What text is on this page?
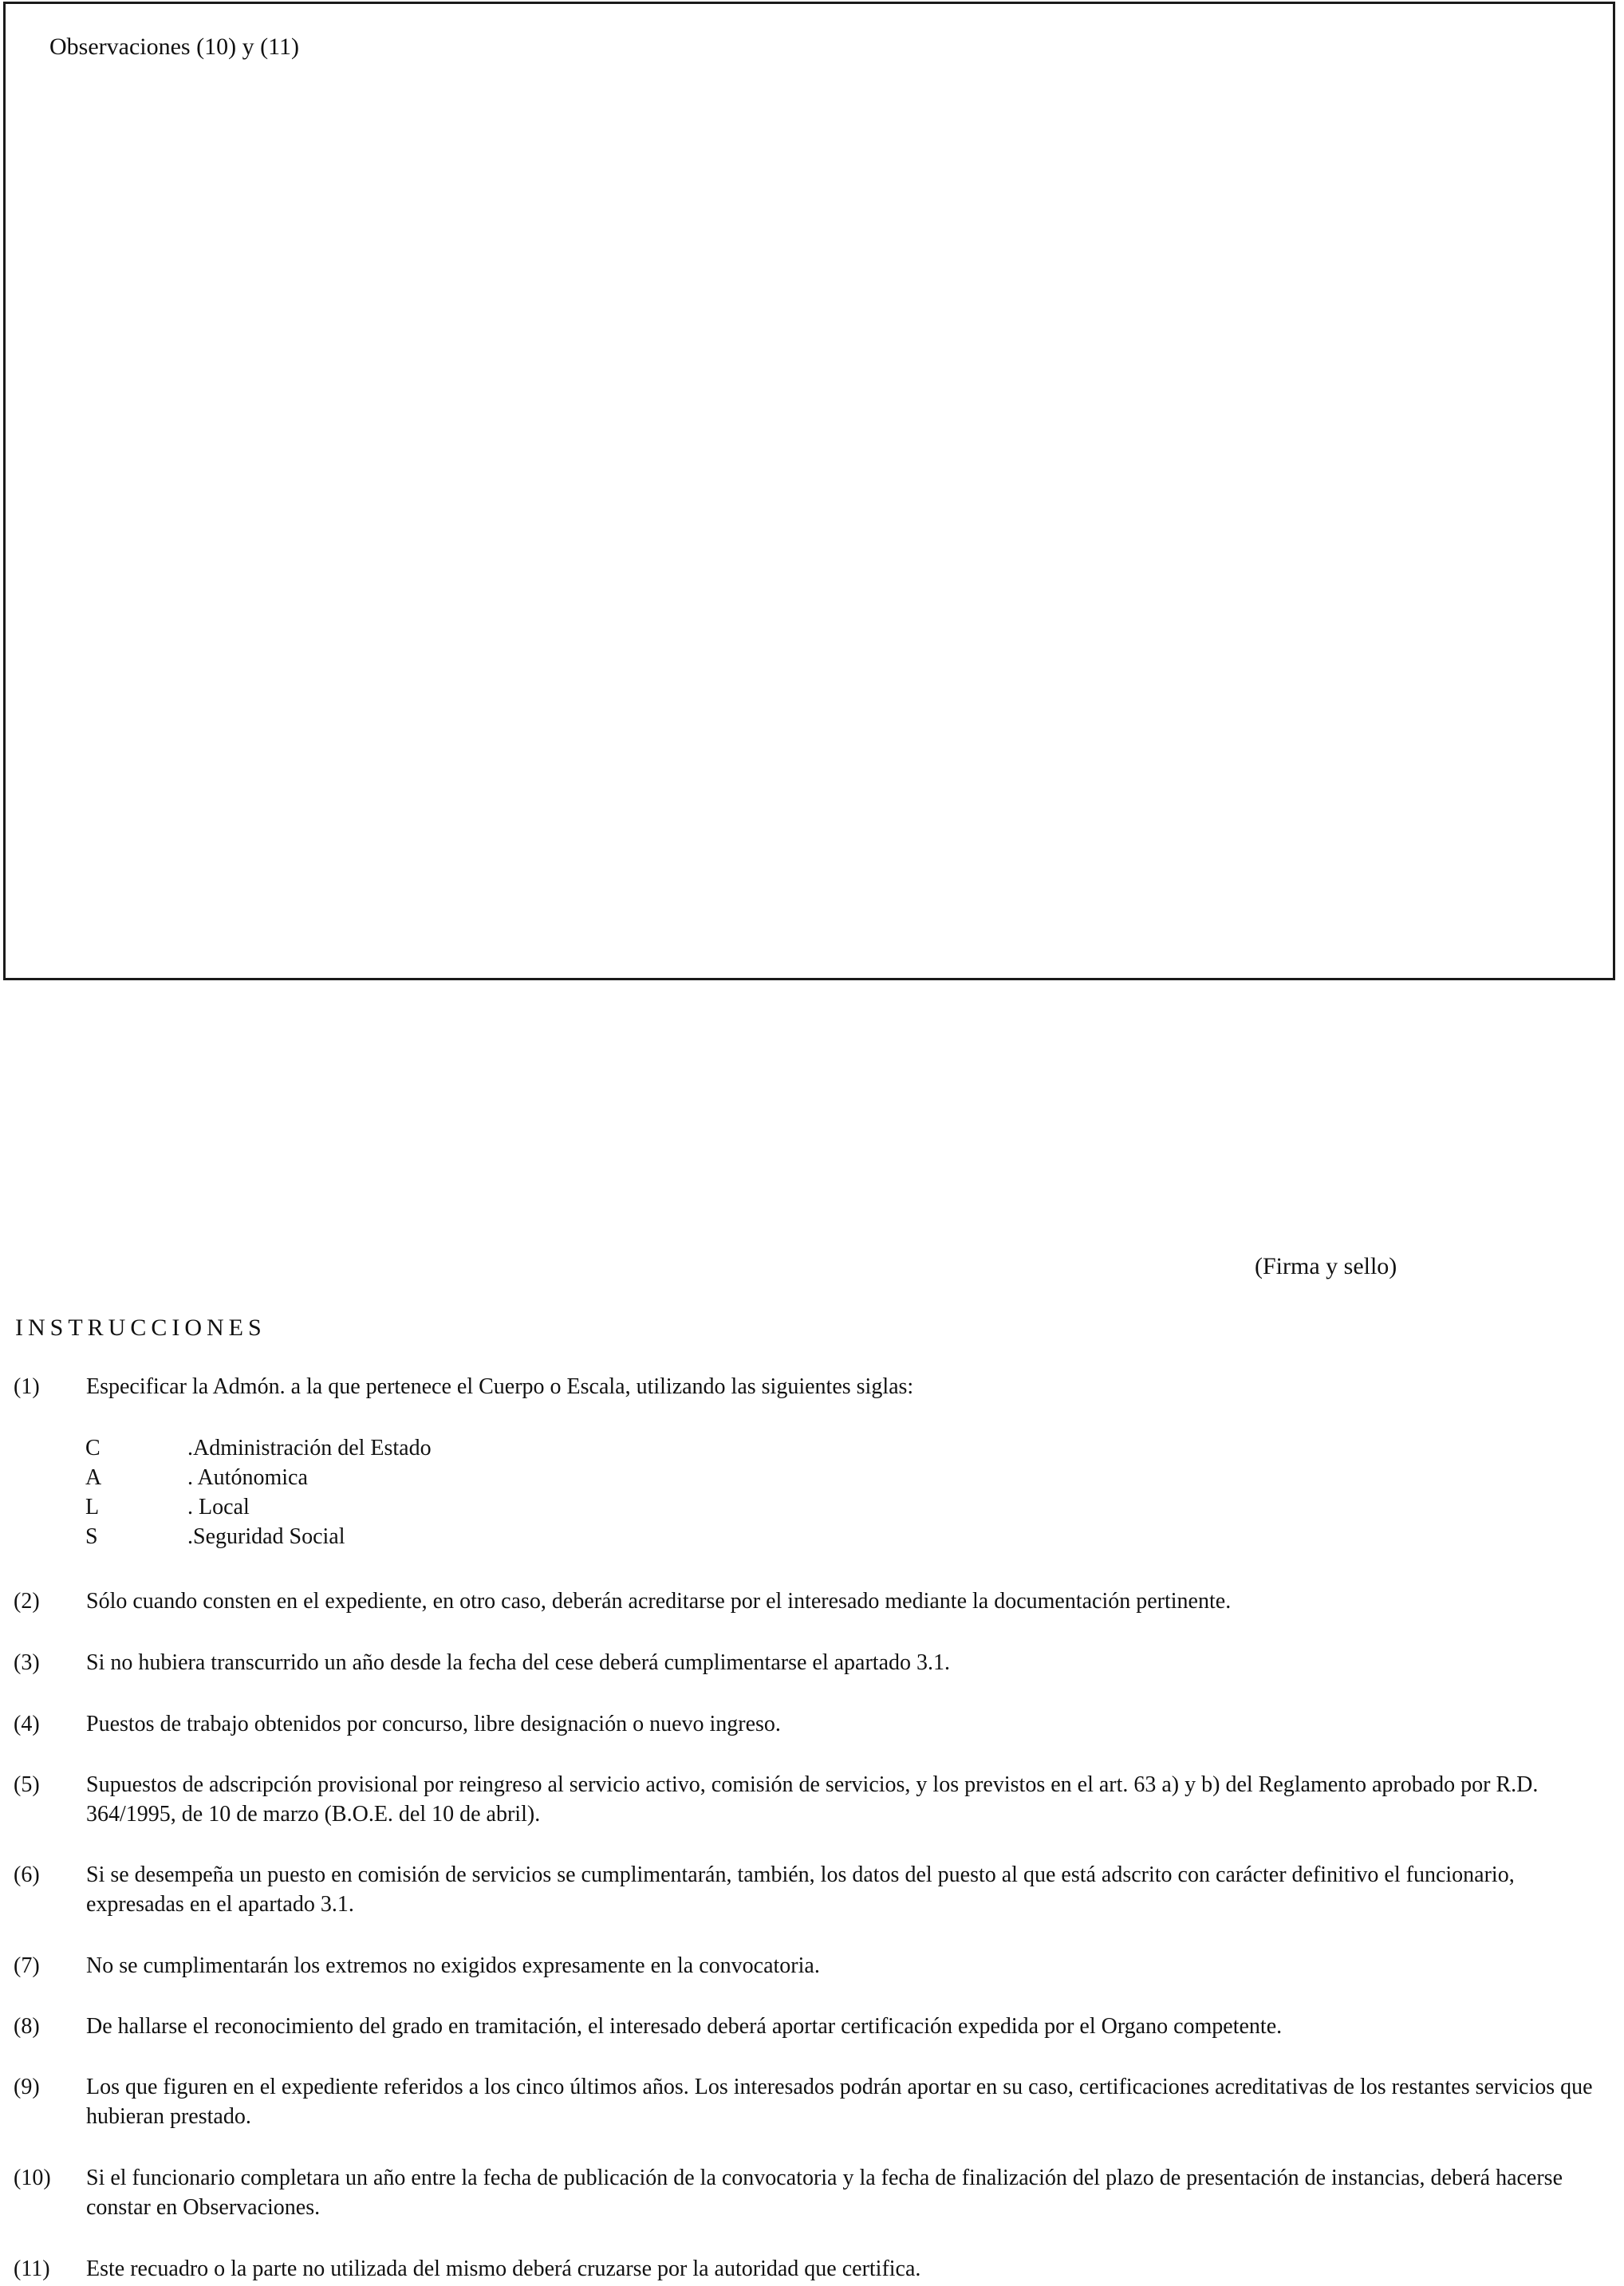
Observaciones (10) y (11)
(Firma y sello)
INSTRUCCIONES
(1)	Especificar la Admón. a la que pertenece el Cuerpo o Escala, utilizando las siguientes siglas:
C	.Administración del Estado
A	. Autónomica
L	. Local
S	.Seguridad Social
(2)	Sólo cuando consten en el expediente, en otro caso, deberán acreditarse por el interesado mediante la documentación pertinente.
(3)	Si no hubiera transcurrido un año desde la fecha del cese deberá cumplimentarse el apartado 3.1.
(4)	Puestos de trabajo obtenidos por concurso, libre designación o nuevo ingreso.
(5)	Supuestos de adscripción provisional por reingreso al servicio activo, comisión de servicios, y los previstos en el art. 63 a) y b) del Reglamento aprobado por R.D. 364/1995, de 10 de marzo (B.O.E. del 10 de abril).
(6)	Si se desempeña un puesto en comisión de servicios se cumplimentarán, también, los datos del puesto al que está adscrito con carácter definitivo el funcionario, expresadas en el apartado 3.1.
(7)	No se cumplimentarán los extremos no exigidos expresamente en la convocatoria.
(8)	De hallarse el reconocimiento del grado en tramitación, el interesado deberá aportar certificación expedida por el Organo competente.
(9)	Los que figuren en el expediente referidos a los cinco últimos años. Los interesados podrán aportar en su caso, certificaciones acreditativas de los restantes servicios que hubieran prestado.
(10)	Si el funcionario completara un año entre la fecha de publicación de la convocatoria y la fecha de finalización del plazo de presentación de instancias, deberá hacerse constar en Observaciones.
(11)	Este recuadro o la parte no utilizada del mismo deberá cruzarse por la autoridad que certifica.
